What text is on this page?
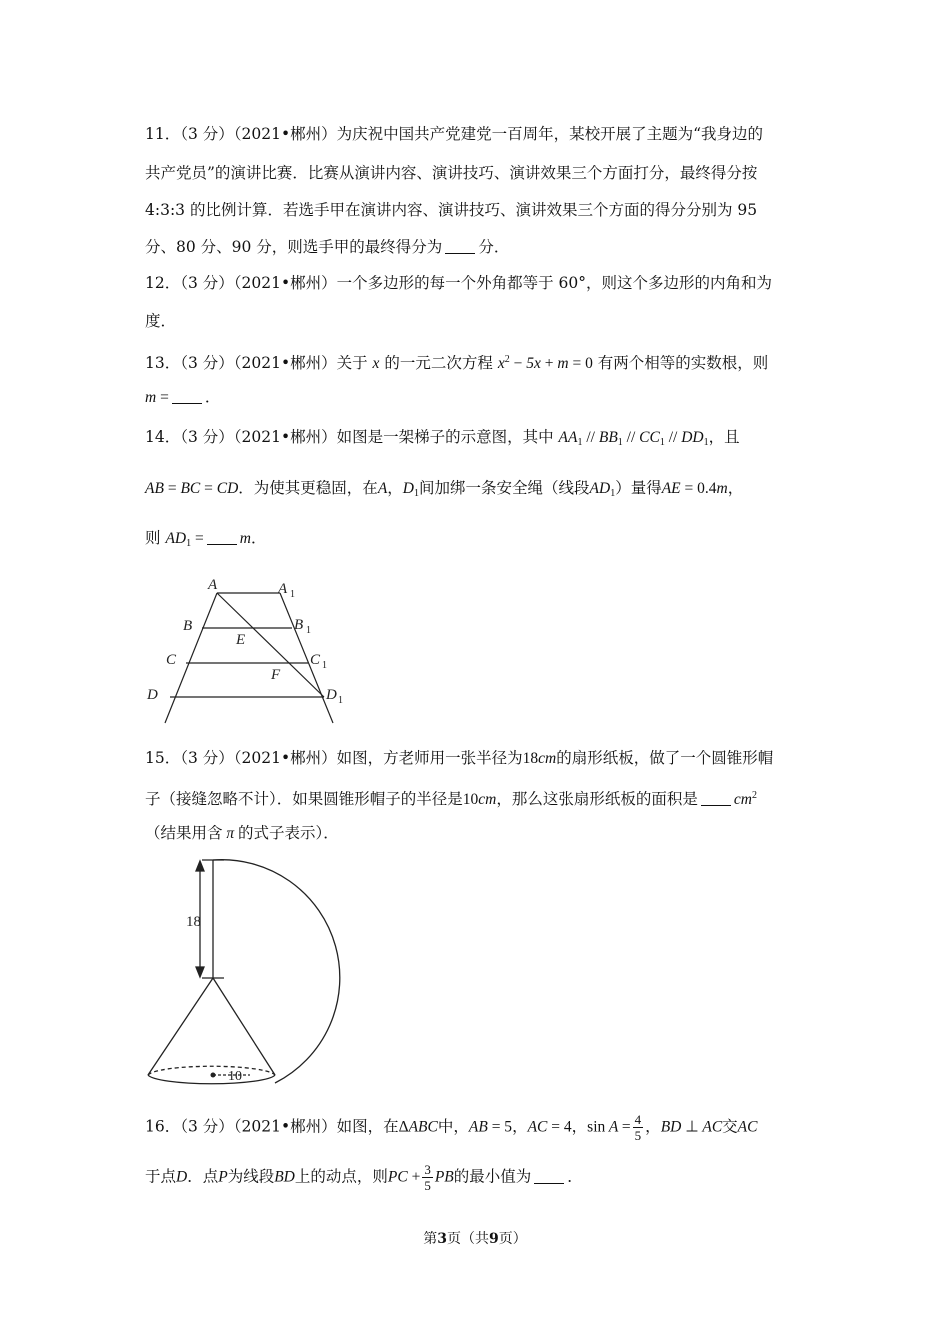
11．（3 分）（2021•郴州）为庆祝中国共产党建党一百周年，某校开展了主题为“我身边的
共产党员”的演讲比赛．比赛从演讲内容、演讲技巧、演讲效果三个方面打分，最终得分按
4:3:3 的比例计算．若选手甲在演讲内容、演讲技巧、演讲效果三个方面的得分分别为 95
分、80 分、90 分，则选手甲的最终得分为 分．
12．（3 分）（2021•郴州）一个多边形的每一个外角都等于 60°，则这个多边形的内角和为
度．
13．（3 分）（2021•郴州）关于 x 的一元二次方程 $x^2 - 5x + m = 0$ 有两个相等的实数根，则
m = ．
14．（3 分）（2021•郴州）如图是一架梯子的示意图，其中 $AA_1 // BB_1 // CC_1 // DD_1$，且
AB = BC = CD．为使其更稳固，在A，$D_1$间加绑一条安全绳（线段$AD_1$）量得AE = 0.4m，
则 $AD_1 = m$．
A	A 1
B	B 1
E
C	C 1
F
D	D 1
15．（3 分）（2021•郴州）如图，方老师用一张半径为18cm的扇形纸板，做了一个圆锥形帽
子（接缝忽略不计）．如果圆锥形帽子的半径是10cm，那么这张扇形纸板的面积是 $cm^2$
（结果用含 π 的式子表示）．
18
10
16．（3 分）（2021•郴州）如图，在ΔABC中，AB = 5，AC = 4，$\sin A = \frac{4}{5}$ ，BD ⊥ AC交AC
于点D．点P为线段BD上的动点，则PC + $\frac{3}{5}$ PB的最小值为 ．
第3页（共9页）
